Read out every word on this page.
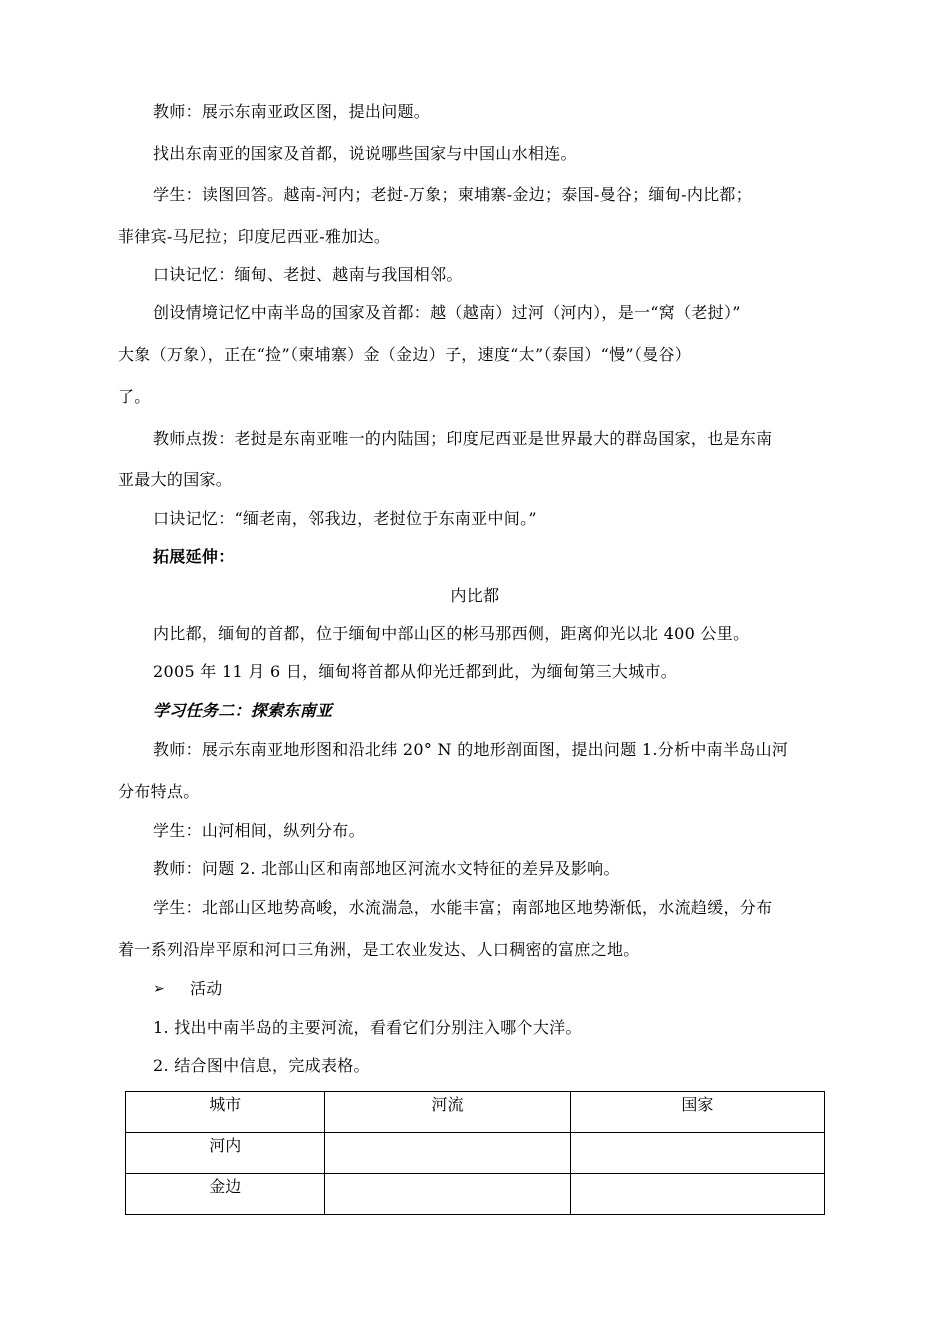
教师：展示东南亚政区图，提出问题。
找出东南亚的国家及首都，说说哪些国家与中国山水相连。
学生：读图回答。越南-河内；老挝-万象；柬埔寨-金边；泰国-曼谷；缅甸-内比都；
菲律宾-马尼拉；印度尼西亚-雅加达。
口诀记忆：缅甸、老挝、越南与我国相邻。
创设情境记忆中南半岛的国家及首都：越（越南）过河（河内），是一“窝（老挝）”
大象（万象），正在“捡”（柬埔寨）金（金边）子，速度“太”（泰国）“慢”（曼谷）
了。
教师点拨：老挝是东南亚唯一的内陆国；印度尼西亚是世界最大的群岛国家，也是东南
亚最大的国家。
口诀记忆：“缅老南，邻我边，老挝位于东南亚中间。”
拓展延伸：
内比都
内比都，缅甸的首都，位于缅甸中部山区的彬马那西侧，距离仰光以北 400 公里。
2005 年 11 月 6 日，缅甸将首都从仰光迁都到此，为缅甸第三大城市。
学习任务二：探索东南亚
教师：展示东南亚地形图和沿北纬 20° N 的地形剖面图，提出问题 1.分析中南半岛山河
分布特点。
学生：山河相间，纵列分布。
教师：问题 2. 北部山区和南部地区河流水文特征的差异及影响。
学生：北部山区地势高峻，水流湍急，水能丰富；南部地区地势渐低，水流趋缓，分布
着一系列沿岸平原和河口三角洲，是工农业发达、人口稠密的富庶之地。
➢ 活动
1. 找出中南半岛的主要河流，看看它们分别注入哪个大洋。
2. 结合图中信息，完成表格。
城市	河流	国家
河内		
金边		
